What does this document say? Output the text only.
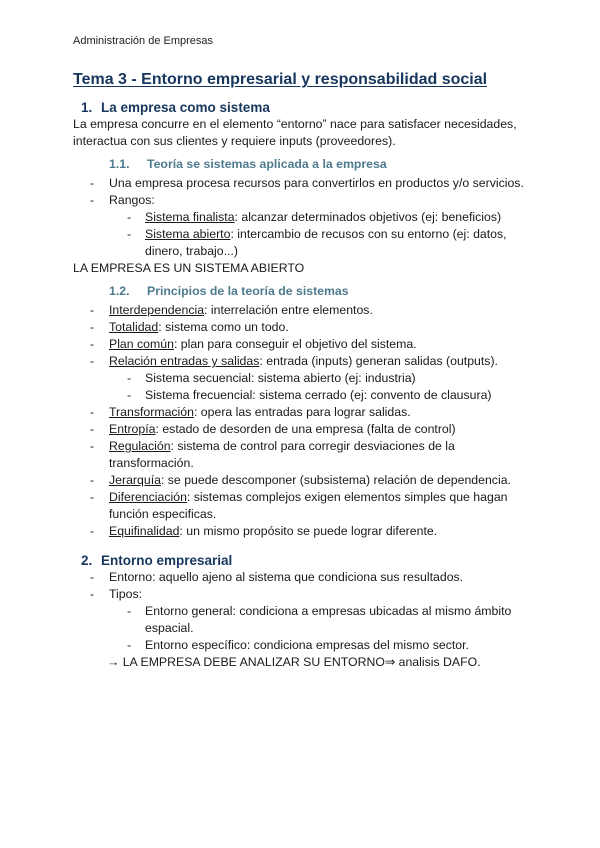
Administración de Empresas
Tema 3 - Entorno empresarial y responsabilidad social
1. La empresa como sistema

La empresa concurre en el elemento “entorno” nace para satisfacer necesidades, interactua con sus clientes y requiere inputs (proveedores).

1.1.	Teoría se sistemas aplicada a la empresa
-	Una empresa procesa recursos para convertirlos en productos y/o servicios.
-	Rangos:
-	Sistema finalista: alcanzar determinados objetivos (ej: beneficios)
-	Sistema abierto: intercambio de recusos con su entorno (ej: datos, dinero, trabajo...)

LA EMPRESA ES UN SISTEMA ABIERTO

1.2.	Principios de la teoría de sistemas
-	Interdependencia: interrelación entre elementos.
-	Totalidad: sistema como un todo.
-	Plan común: plan para conseguir el objetivo del sistema.
-	Relación entradas y salidas: entrada (inputs) generan salidas (outputs).
-	Sistema secuencial: sistema abierto (ej: industria)
-	Sistema frecuencial: sistema cerrado (ej: convento de clausura)
-	Transformación: opera las entradas para lograr salidas.
-	Entropía: estado de desorden de una empresa (falta de control)
-	Regulación: sistema de control para corregir desviaciones de la transformación.
-	Jerarquía: se puede descomponer (subsistema) relación de dependencia.
-	Diferenciación: sistemas complejos exigen elementos simples que hagan función especificas.
-	Equifinalidad: un mismo propósito se puede lograr diferente.
2. Entorno empresarial
-	Entorno: aquello ajeno al sistema que condiciona sus resultados.
-	Tipos:
-	Entorno general: condiciona a empresas ubicadas al mismo ámbito espacial.
-	Entorno específico: condiciona empresas del mismo sector.

→ LA EMPRESA DEBE ANALIZAR SU ENTORNO⇒ analisis DAFO.
